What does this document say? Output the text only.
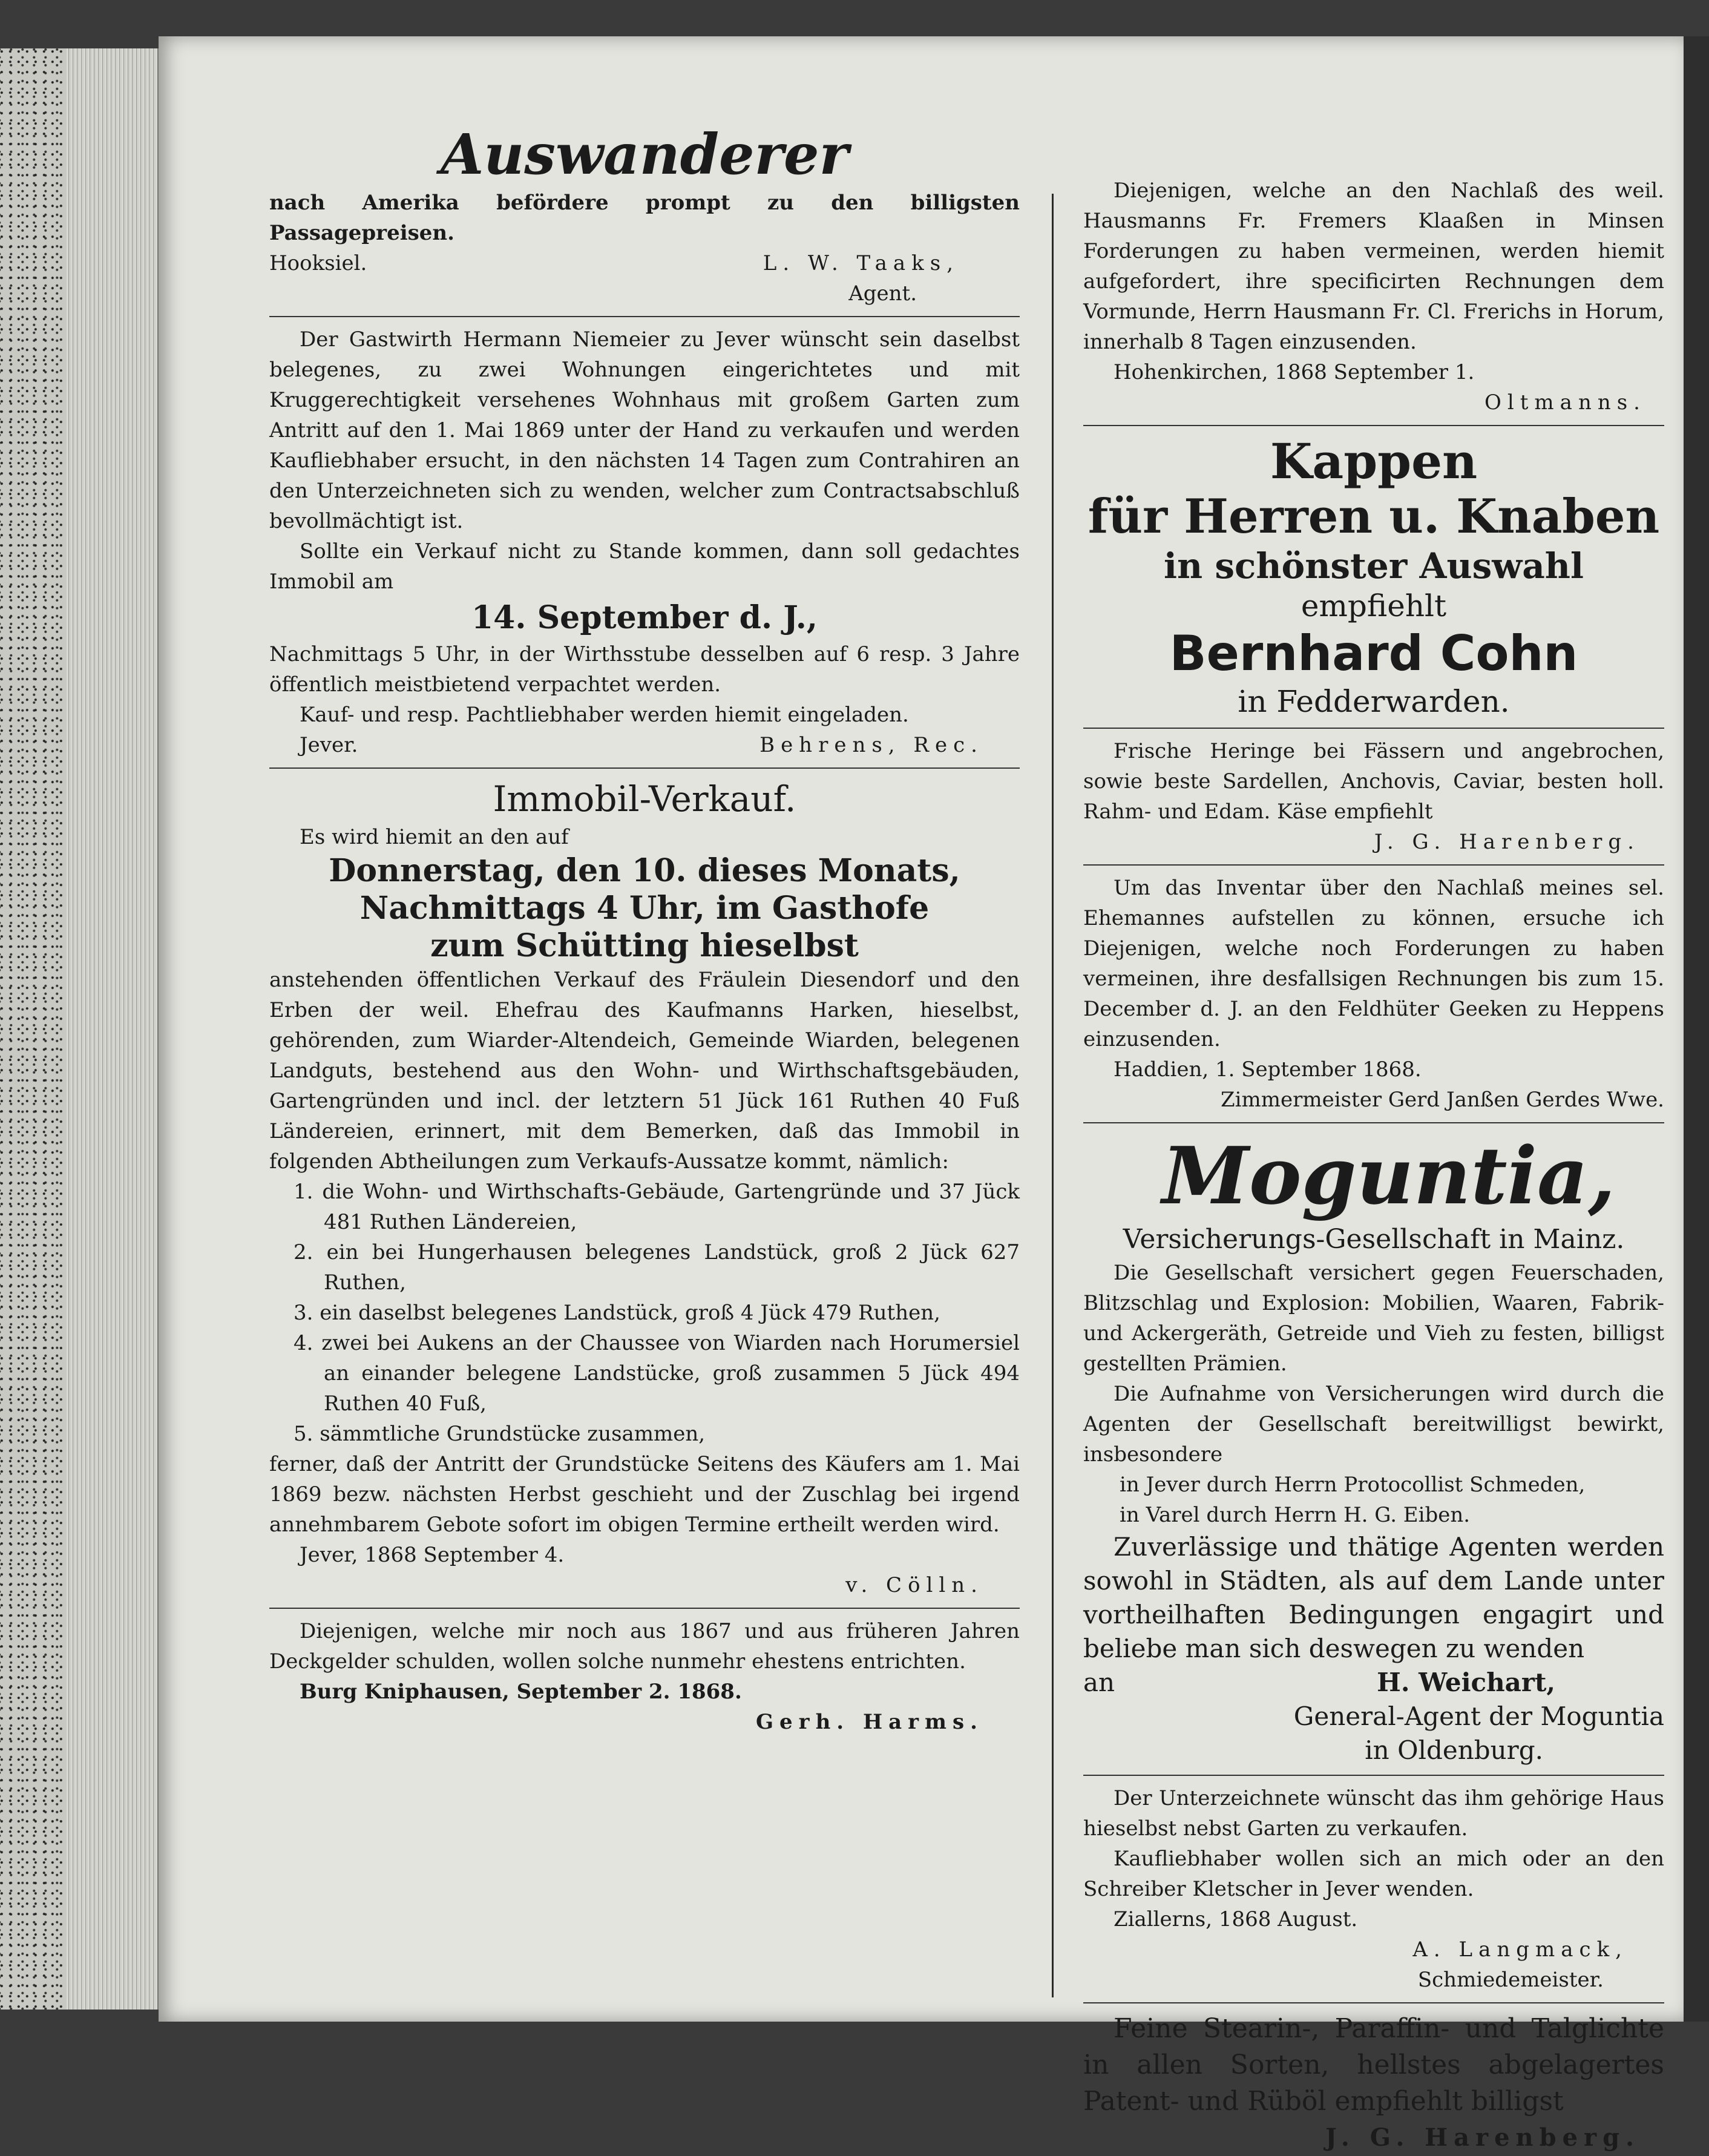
Auswanderer

nach Amerika befördere prompt zu den billigsten Passagepreisen.

Hooksiel.	L. W. Taaks,
Agent.

Der Gastwirth Hermann Niemeier zu Jever wünscht sein daselbst belegenes, zu zwei Wohnungen eingerichtetes und mit Kruggerechtigkeit versehenes Wohnhaus mit großem Garten zum Antritt auf den 1. Mai 1869 unter der Hand zu verkaufen und werden Kaufliebhaber ersucht, in den nächsten 14 Tagen zum Contrahiren an den Unterzeichneten sich zu wenden, welcher zum Contractsabschluß bevollmächtigt ist.

Sollte ein Verkauf nicht zu Stande kommen, dann soll gedachtes Immobil am

14. September d. J.,

Nachmittags 5 Uhr, in der Wirthsstube desselben auf 6 resp. 3 Jahre öffentlich meistbietend verpachtet werden.

Kauf- und resp. Pachtliebhaber werden hiemit eingeladen.

Jever.	Behrens, Rec.
Immobil-Verkauf.

Es wird hiemit an den auf

Donnerstag, den 10. dieses Monats,
Nachmittags 4 Uhr, im Gasthofe
zum Schütting hieselbst

anstehenden öffentlichen Verkauf des Fräulein Diesendorf und den Erben der weil. Ehefrau des Kaufmanns Harken, hieselbst, gehörenden, zum Wiarder-Altendeich, Gemeinde Wiarden, belegenen Landguts, bestehend aus den Wohn- und Wirthschaftsgebäuden, Gartengründen und incl. der letztern 51 Jück 161 Ruthen 40 Fuß Ländereien, erinnert, mit dem Bemerken, daß das Immobil in folgenden Abtheilungen zum Verkaufs-Aussatze kommt, nämlich:

1. die Wohn- und Wirthschafts-Gebäude, Gartengründe und 37 Jück 481 Ruthen Ländereien,

2. ein bei Hungerhausen belegenes Landstück, groß 2 Jück 627 Ruthen,

3. ein daselbst belegenes Landstück, groß 4 Jück 479 Ruthen,

4. zwei bei Aukens an der Chaussee von Wiarden nach Horumersiel an einander belegene Landstücke, groß zusammen 5 Jück 494 Ruthen 40 Fuß,

5. sämmtliche Grundstücke zusammen,

ferner, daß der Antritt der Grundstücke Seitens des Käufers am 1. Mai 1869 bezw. nächsten Herbst geschieht und der Zuschlag bei irgend annehmbarem Gebote sofort im obigen Termine ertheilt werden wird.

Jever, 1868 September 4.

v. Cölln.

Diejenigen, welche mir noch aus 1867 und aus früheren Jahren Deckgelder schulden, wollen solche nunmehr ehestens entrichten.

Burg Kniphausen, September 2. 1868.

Gerh. Harms.

Diejenigen, welche an den Nachlaß des weil. Hausmanns Fr. Fremers Klaaßen in Minsen Forderungen zu haben vermeinen, werden hiemit aufgefordert, ihre specificirten Rechnungen dem Vormunde, Herrn Hausmann Fr. Cl. Frerichs in Horum, innerhalb 8 Tagen einzusenden.

Hohenkirchen, 1868 September 1.

Oltmanns.
Kappen
für Herren u. Knaben
in schönster Auswahl
empfiehlt
Bernhard Cohn
in Fedderwarden.

Frische Heringe bei Fässern und angebrochen, sowie beste Sardellen, Anchovis, Caviar, besten holl. Rahm- und Edam. Käse empfiehlt

J. G. Harenberg.

Um das Inventar über den Nachlaß meines sel. Ehemannes aufstellen zu können, ersuche ich Diejenigen, welche noch Forderungen zu haben vermeinen, ihre desfallsigen Rechnungen bis zum 15. December d. J. an den Feldhüter Geeken zu Heppens einzusenden.

Haddien, 1. September 1868.

Zimmermeister Gerd Janßen Gerdes Wwe.
Moguntia,
Versicherungs-Gesellschaft in Mainz.

Die Gesellschaft versichert gegen Feuerschaden, Blitzschlag und Explosion: Mobilien, Waaren, Fabrik- und Ackergeräth, Getreide und Vieh zu festen, billigst gestellten Prämien.

Die Aufnahme von Versicherungen wird durch die Agenten der Gesellschaft bereitwilligst bewirkt, insbesondere

in Jever durch Herrn Protocollist Schmeden,

in Varel durch Herrn H. G. Eiben.

Zuverlässige und thätige Agenten werden sowohl in Städten, als auf dem Lande unter vortheilhaften Bedingungen engagirt und beliebe man sich deswegen zu wenden

an	H. Weichart,
General-Agent der Moguntia
in Oldenburg.

Der Unterzeichnete wünscht das ihm gehörige Haus hieselbst nebst Garten zu verkaufen.

Kaufliebhaber wollen sich an mich oder an den Schreiber Kletscher in Jever wenden.

Ziallerns, 1868 August.

A. Langmack,
Schmiedemeister.

Feine Stearin-, Paraffin- und Talglichte in allen Sorten, hellstes abgelagertes Patent- und Rüböl empfiehlt billigst

J. G. Harenberg.
